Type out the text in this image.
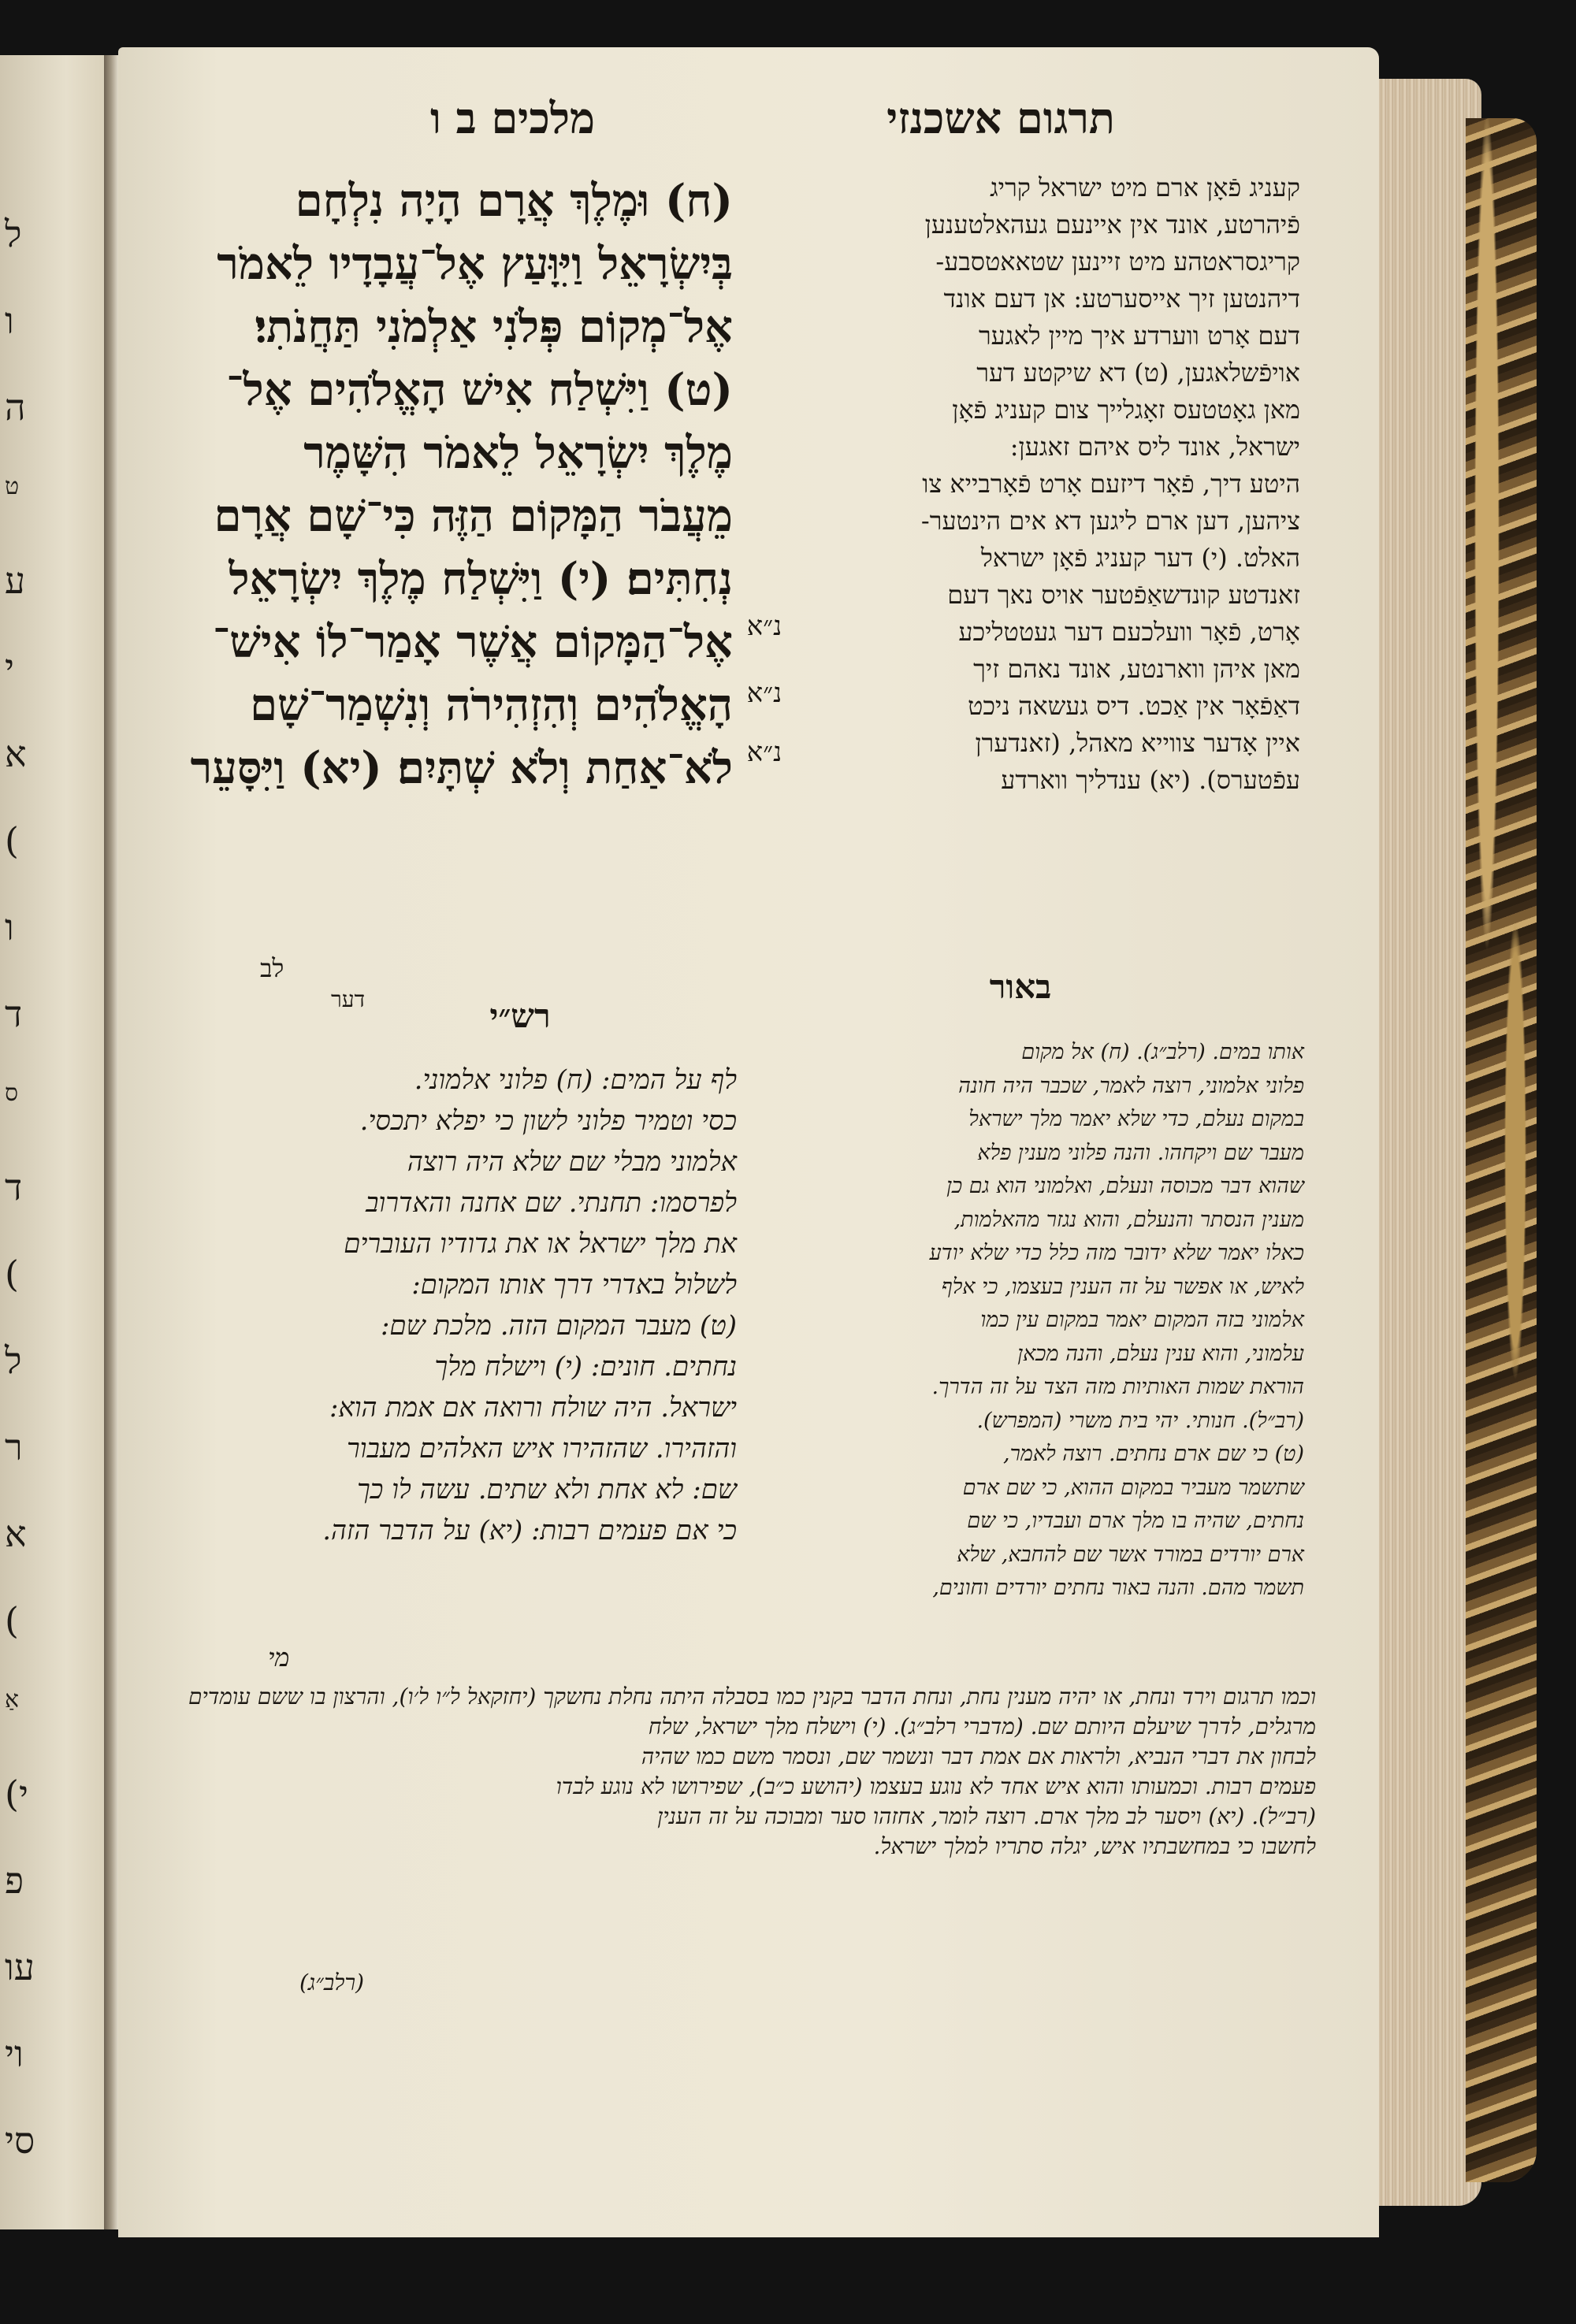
ל
ו
ה
ט
ע
י
א
(
ו
ד
ס
ד
(
ל
ר
א
(
אַ
(י
פ
עו
וי
סי
מלכים ב ו	תרגום אשכנזי
(ח) וּמֶלֶךְ אֲרָם הָיָה נִלְחָם
בְּיִשְׂרָאֵל וַיִּוָּעַץ אֶל־עֲבָדָיו לֵאמֹר
אֶל־מְקוֹם פְּלֹנִי אַלְמֹנִי תַּחֲנֹתִי׃
(ט) וַיִּשְׁלַח אִישׁ הָאֱלֹהִים אֶל־
מֶלֶךְ יִשְׂרָאֵל לֵאמֹר הִשָּׁמֶר
מֵעֲבֹר הַמָּקוֹם הַזֶּה כִּי־שָׁם אֲרָם
נְחִתִּים׃ (י) וַיִּשְׁלַח מֶלֶךְ יִשְׂרָאֵל
אֶל־הַמָּקוֹם אֲשֶׁר אָמַר־לוֹ אִישׁ־
הָאֱלֹהִים וְהִזְהִירֹה וְנִשְׁמַר־שָׁם
לֹא־אַחַת וְלֹא שְׁתָּיִם׃ (יא) וַיִּסָּעֵר
נ״א
נ״א
נ״א
קעניג פֿאָן ארם מיט ישראל קריג
פֿיהרטע, אונד אין איינעם געהאלטענען
קריגסראטהע מיט זיינען שטאאטסבע-
דיהנטען זיך אייסערטע: אן דעם אונד
דעם אָרט ווערדע איך מיין לאגער
אויפֿשלאגען, (ט) דא שיקטע דער
מאן גאָטטעס זאָגלייך צום קעניג פֿאָן
ישראל, אונד ליס איהם זאגען:
היטע דיך, פֿאָר דיזעם אָרט פֿאָרבייא צו
ציהען, דען ארם ליגען דא אים הינטער-
האלט. (י) דער קעניג פֿאָן ישראל
זאנדטע קונדשאַפֿטער אויס נאך דעם
אָרט, פֿאָר וועלכעם דער געטטליכע
מאן איהן ווארנטע, אונד נאהם זיך
דאַפֿאָר אין אַכט. דיס געשאה ניכט
איין אָדער צווייא מאהל, (זאנדערן
עפֿטערס). (יא) ענדליך ווארדע
לב
דער	רש״י
באור
לף על המים: (ח) פלוני אלמוני.
כסי וטמיר פלוני לשון כי יפלא יתכסי.
אלמוני מבלי שם שלא היה רוצה
לפרסמו: תחנתי. שם אחנה והאדרוב
את מלך ישראל או את גדודיו העוברים
לשלול באדרי דרך אותו המקום:
(ט) מעבר המקום הזה. מלכת שם:
נחתים. חונים: (י) וישלח מלך
ישראל. היה שולח ורואה אם אמת הוא:
והזהירו. שהזהירו איש האלהים מעבור
שם: לא אחת ולא שתים. עשה לו כך
כי אם פעמים רבות: (יא) על הדבר הזה.
אותו במים. (רלב״ג). (ח) אל מקום
פלוני אלמוני, רוצה לאמר, שכבר היה חונה
במקום נעלם, כדי שלא יאמר מלך ישראל
מעבר שם ויקחהו. והנה פלוני מענין פלא
שהוא דבר מכוסה ונעלם, ואלמוני הוא גם כן
מענין הנסתר והנעלם, והוא נגזר מהאלמות,
כאלו יאמר שלא ידובר מזה כלל כדי שלא יודע
לאיש, או אפשר על זה הענין בעצמו, כי אלף
אלמוני בזה המקום יאמר במקום עין כמו
עלמוני, והוא ענין נעלם, והנה מכאן
הוראת שמות האותיות מזה הצד על זה הדרך.
(רב״ל). חנותי. יהי בית משרי (המפרש).
(ט) כי שם ארם נחתים. רוצה לאמר,
שתשמר מעביר במקום ההוא, כי שם ארם
נחתים, שהיה בו מלך ארם ועבדיו, כי שם
ארם יורדים במורד אשר שם להחבא, שלא
תשמר מהם. והנה באור נחתים יורדים וחונים,
מי
וכמו תרגום וירד ונחת, או יהיה מענין נחת, ונחת הדבר בקנין כמו בסבלה היתה נחלת נחשקך (יחזקאל ל״ו ל׳ו), והרצון בו ששם עומדים
מרגלים, לדרך שיעלם היותם שם. (מדברי רלב״ג). (י) וישלח מלך ישראל, שלח
לבחון את דברי הנביא, ולראות אם אמת דבר ונשמר שם, ונסמר משם כמו שהיה
פעמים רבות. וכמעותו והוא איש אחד לא נוגע בעצמו (יהושע כ״ב), שפירושו לא נוגע לבדו
(רב״ל). (יא) ויסער לב מלך ארם. רוצה לומר, אחזהו סער ומבוכה על זה הענין
לחשבו כי במחשבתיו איש, יגלה סתריו למלך ישראל.
(רלב״ג)
